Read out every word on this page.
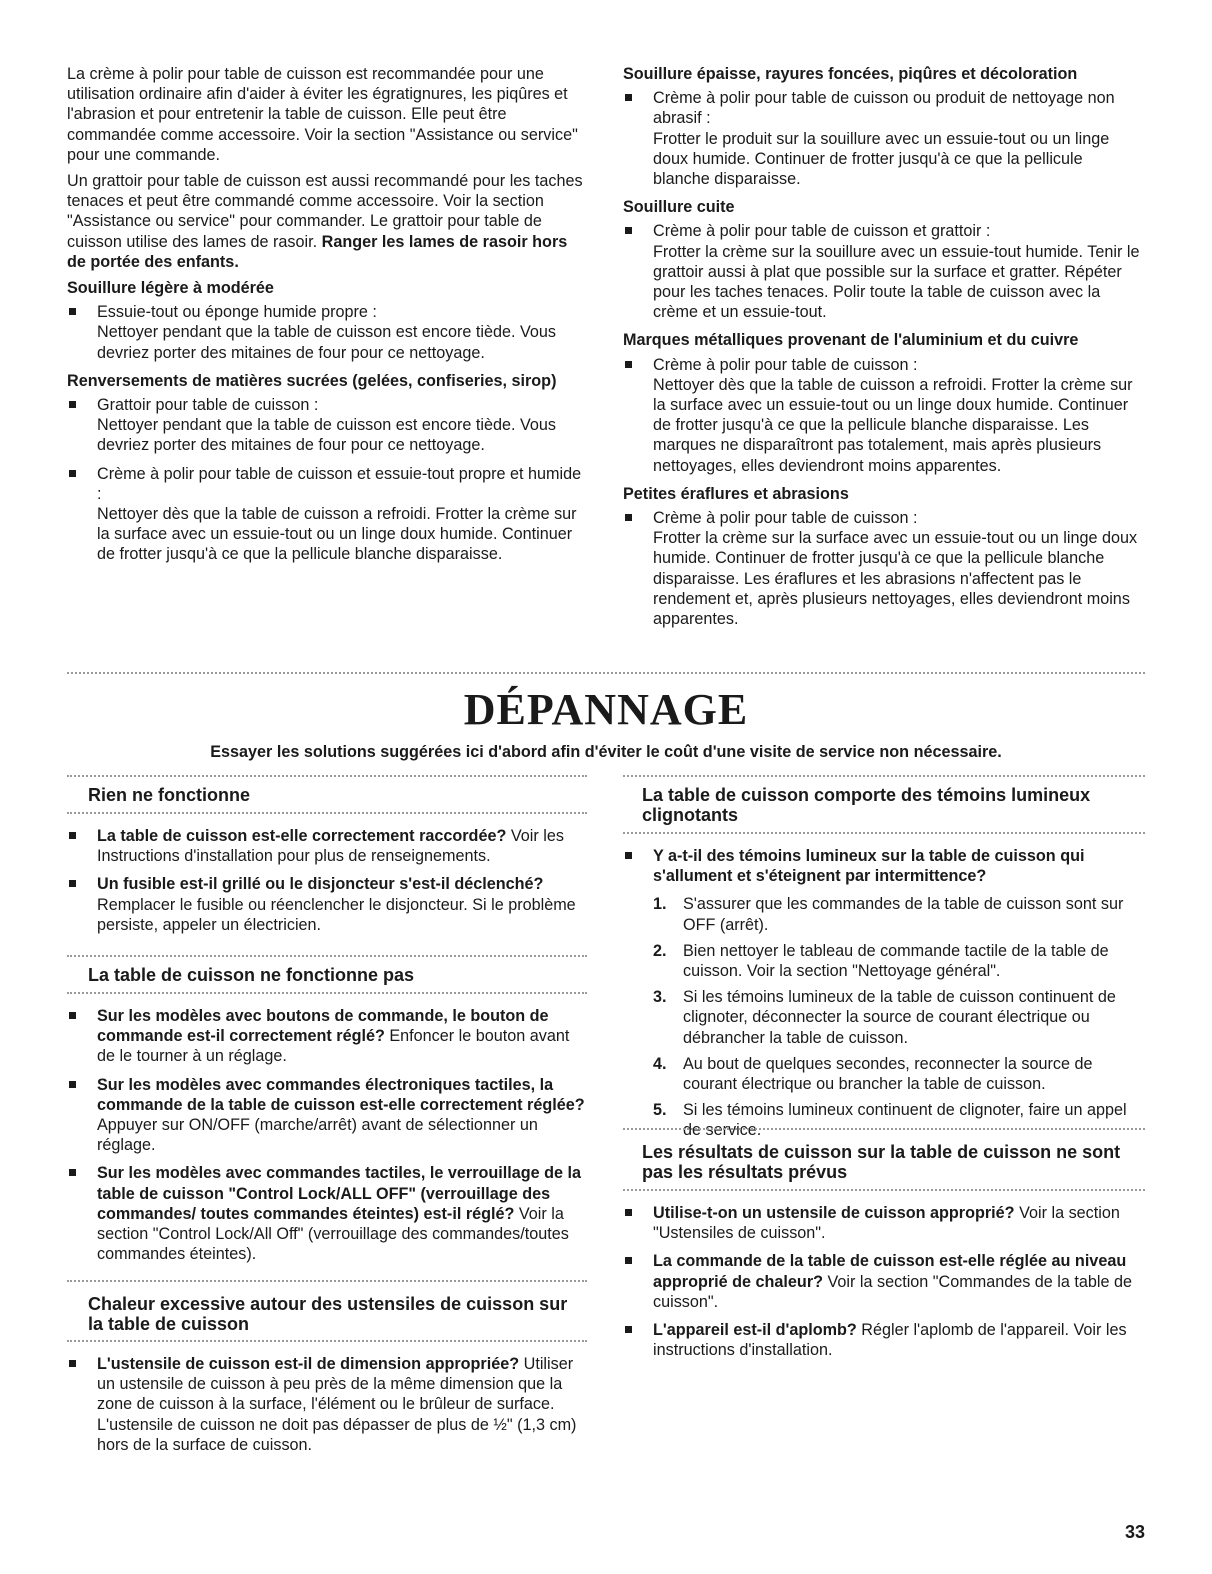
La crème à polir pour table de cuisson est recommandée pour une utilisation ordinaire afin d'aider à éviter les égratignures, les piqûres et l'abrasion et pour entretenir la table de cuisson. Elle peut être commandée comme accessoire. Voir la section "Assistance ou service" pour une commande.

Un grattoir pour table de cuisson est aussi recommandé pour les taches tenaces et peut être commandé comme accessoire. Voir la section "Assistance ou service" pour commander. Le grattoir pour table de cuisson utilise des lames de rasoir. Ranger les lames de rasoir hors de portée des enfants.

Souillure légère à modérée
Essuie-tout ou éponge humide propre :
Nettoyer pendant que la table de cuisson est encore tiède. Vous devriez porter des mitaines de four pour ce nettoyage.
Renversements de matières sucrées (gelées, confiseries, sirop)
Grattoir pour table de cuisson :
Nettoyer pendant que la table de cuisson est encore tiède. Vous devriez porter des mitaines de four pour ce nettoyage.
Crème à polir pour table de cuisson et essuie-tout propre et humide :
Nettoyer dès que la table de cuisson a refroidi. Frotter la crème sur la surface avec un essuie-tout ou un linge doux humide. Continuer de frotter jusqu'à ce que la pellicule blanche disparaisse.
Souillure épaisse, rayures foncées, piqûres et décoloration
Crème à polir pour table de cuisson ou produit de nettoyage non abrasif :
Frotter le produit sur la souillure avec un essuie-tout ou un linge doux humide. Continuer de frotter jusqu'à ce que la pellicule blanche disparaisse.
Souillure cuite
Crème à polir pour table de cuisson et grattoir :
Frotter la crème sur la souillure avec un essuie-tout humide. Tenir le grattoir aussi à plat que possible sur la surface et gratter. Répéter pour les taches tenaces. Polir toute la table de cuisson avec la crème et un essuie-tout.
Marques métalliques provenant de l'aluminium et du cuivre
Crème à polir pour table de cuisson :
Nettoyer dès que la table de cuisson a refroidi. Frotter la crème sur la surface avec un essuie-tout ou un linge doux humide. Continuer de frotter jusqu'à ce que la pellicule blanche disparaisse. Les marques ne disparaîtront pas totalement, mais après plusieurs nettoyages, elles deviendront moins apparentes.
Petites éraflures et abrasions
Crème à polir pour table de cuisson :
Frotter la crème sur la surface avec un essuie-tout ou un linge doux humide. Continuer de frotter jusqu'à ce que la pellicule blanche disparaisse. Les éraflures et les abrasions n'affectent pas le rendement et, après plusieurs nettoyages, elles deviendront moins apparentes.
DÉPANNAGE
Essayer les solutions suggérées ici d'abord afin d'éviter le coût d'une visite de service non nécessaire.
Rien ne fonctionne
La table de cuisson est-elle correctement raccordée? Voir les Instructions d'installation pour plus de renseignements.
Un fusible est-il grillé ou le disjoncteur s'est-il déclenché? Remplacer le fusible ou réenclencher le disjoncteur. Si le problème persiste, appeler un électricien.
La table de cuisson ne fonctionne pas
Sur les modèles avec boutons de commande, le bouton de commande est-il correctement réglé? Enfoncer le bouton avant de le tourner à un réglage.
Sur les modèles avec commandes électroniques tactiles, la commande de la table de cuisson est-elle correctement réglée? Appuyer sur ON/OFF (marche/arrêt) avant de sélectionner un réglage.
Sur les modèles avec commandes tactiles, le verrouillage de la table de cuisson "Control Lock/ALL OFF" (verrouillage des commandes/ toutes commandes éteintes) est-il réglé? Voir la section "Control Lock/All Off" (verrouillage des commandes/toutes commandes éteintes).
Chaleur excessive autour des ustensiles de cuisson sur la table de cuisson
L'ustensile de cuisson est-il de dimension appropriée? Utiliser un ustensile de cuisson à peu près de la même dimension que la zone de cuisson à la surface, l'élément ou le brûleur de surface. L'ustensile de cuisson ne doit pas dépasser de plus de ½" (1,3 cm) hors de la surface de cuisson.
La table de cuisson comporte des témoins lumineux clignotants
Y a-t-il des témoins lumineux sur la table de cuisson qui s'allument et s'éteignent par intermittence?
1. S'assurer que les commandes de la table de cuisson sont sur OFF (arrêt).
2. Bien nettoyer le tableau de commande tactile de la table de cuisson. Voir la section "Nettoyage général".
3. Si les témoins lumineux de la table de cuisson continuent de clignoter, déconnecter la source de courant électrique ou débrancher la table de cuisson.
4. Au bout de quelques secondes, reconnecter la source de courant électrique ou brancher la table de cuisson.
5. Si les témoins lumineux continuent de clignoter, faire un appel de service.
Les résultats de cuisson sur la table de cuisson ne sont pas les résultats prévus
Utilise-t-on un ustensile de cuisson approprié? Voir la section "Ustensiles de cuisson".
La commande de la table de cuisson est-elle réglée au niveau approprié de chaleur? Voir la section "Commandes de la table de cuisson".
L'appareil est-il d'aplomb? Régler l'aplomb de l'appareil. Voir les instructions d'installation.
33
